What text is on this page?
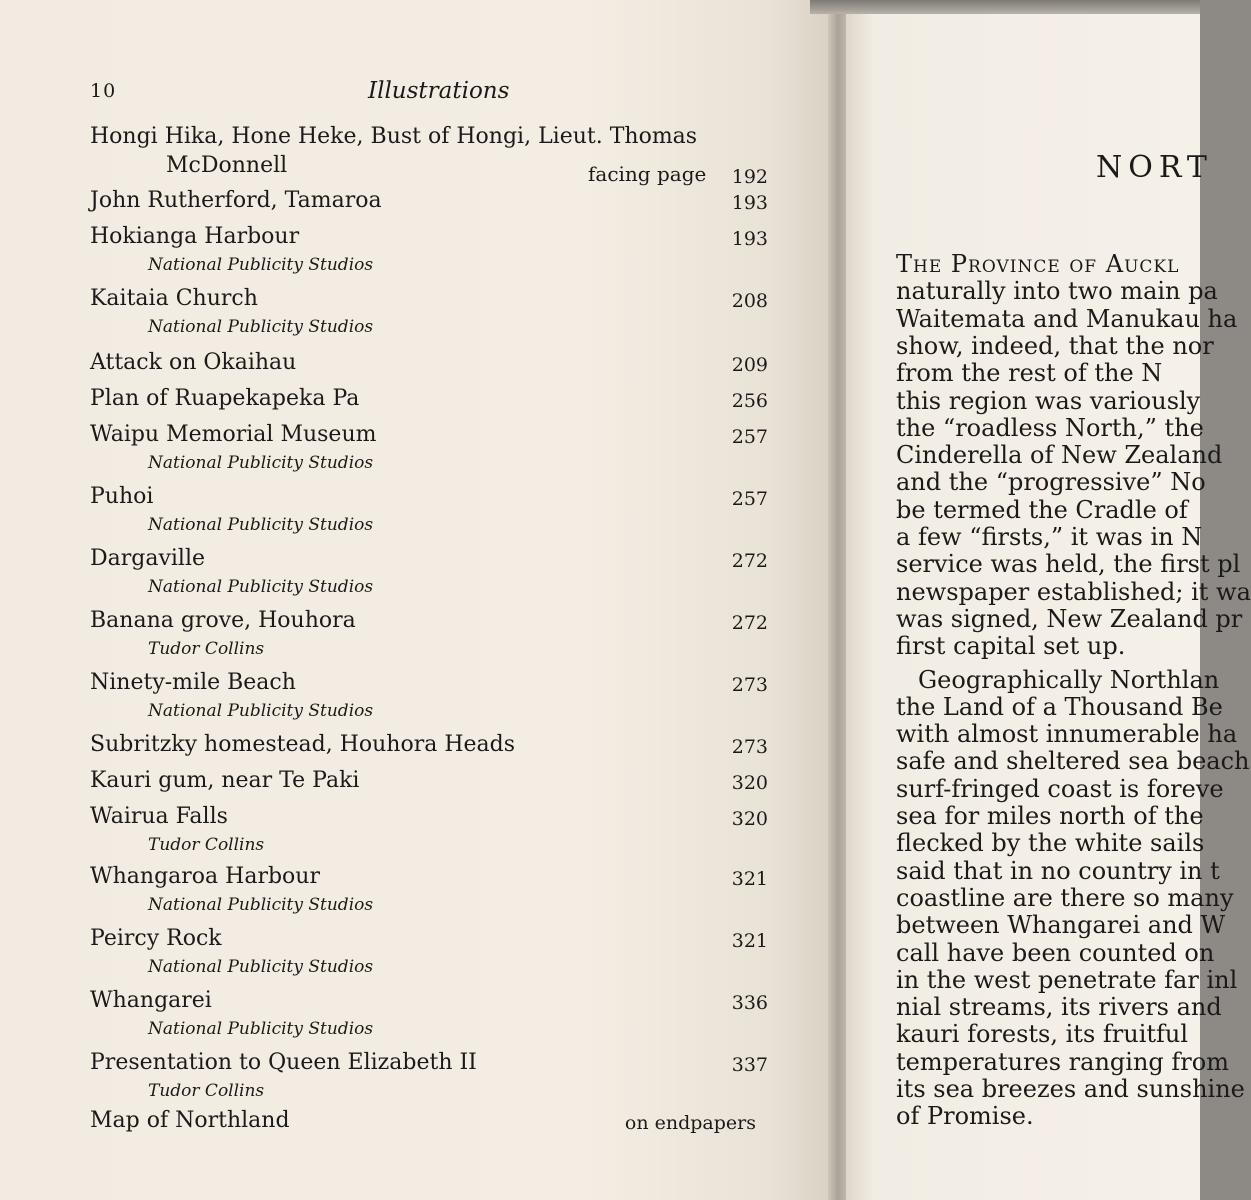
10	Illustrations
Hongi Hika, Hone Heke, Bust of Hongi, Lieut. Thomas
McDonnell	facing page 192
John Rutherford, Tamaroa	193
Hokianga Harbour	193
National Publicity Studios
Kaitaia Church	208
National Publicity Studios
Attack on Okaihau	209
Plan of Ruapekapeka Pa	256
Waipu Memorial Museum	257
National Publicity Studios
Puhoi	257
National Publicity Studios
Dargaville	272
National Publicity Studios
Banana grove, Houhora	272
Tudor Collins
Ninety-mile Beach	273
National Publicity Studios
Subritzky homestead, Houhora Heads	273
Kauri gum, near Te Paki	320
Wairua Falls	320
Tudor Collins
Whangaroa Harbour	321
National Publicity Studios
Peircy Rock	321
National Publicity Studios
Whangarei	336
National Publicity Studios
Presentation to Queen Elizabeth II	337
Tudor Collins
Map of Northland	on endpapers
NORT
The Province of Auckl
naturally into two main pa
Waitemata and Manukau ha
show, indeed, that the nor
from the rest of the N
this region was variously
the “roadless North,” the
Cinderella of New Zealand
and the “progressive” No
be termed the Cradle of
a few “firsts,” it was in N
service was held, the first pl
newspaper established; it wa
was signed, New Zealand pr
first capital set up.
Geographically Northlan
the Land of a Thousand Be
with almost innumerable ha
safe and sheltered sea beach
surf-fringed coast is foreve
sea for miles north of the
flecked by the white sails
said that in no country in t
coastline are there so many
between Whangarei and W
call have been counted on
in the west penetrate far inl
nial streams, its rivers and
kauri forests, its fruitful
temperatures ranging from
its sea breezes and sunshine
of Promise.
